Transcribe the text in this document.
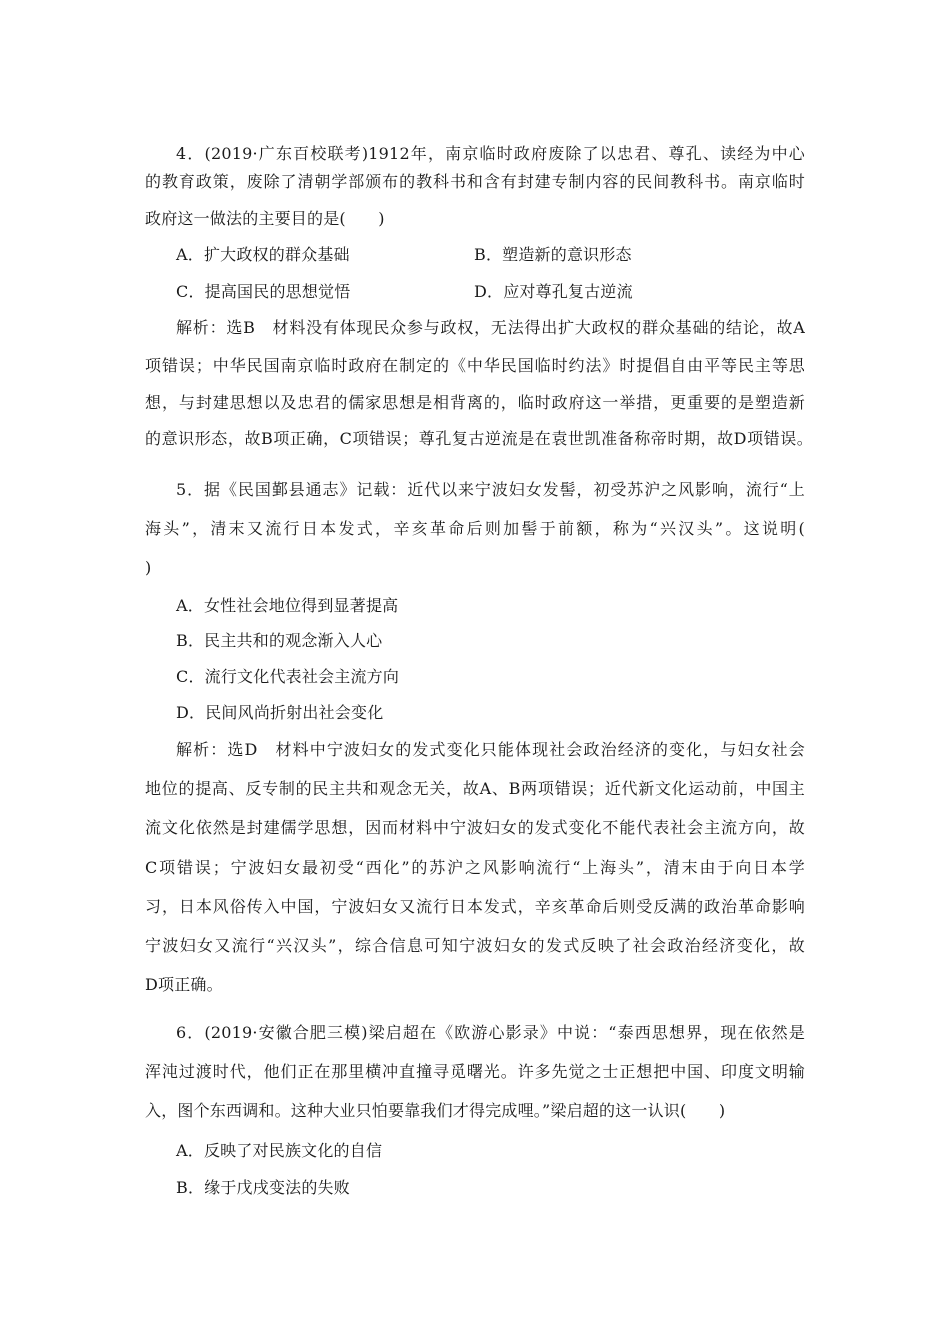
4．(2019·广东百校联考)1912年，南京临时政府废除了以忠君、尊孔、读经为中心
的教育政策，废除了清朝学部颁布的教科书和含有封建专制内容的民间教科书。南京临时
政府这一做法的主要目的是(　　)
A．扩大政权的群众基础	B．塑造新的意识形态
C．提高国民的思想觉悟	D．应对尊孔复古逆流
解析：选B　材料没有体现民众参与政权，无法得出扩大政权的群众基础的结论，故A
项错误；中华民国南京临时政府在制定的《中华民国临时约法》时提倡自由平等民主等思
想，与封建思想以及忠君的儒家思想是相背离的，临时政府这一举措，更重要的是塑造新
的意识形态，故B项正确，C项错误；尊孔复古逆流是在袁世凯准备称帝时期，故D项错误。
5．据《民国鄞县通志》记载：近代以来宁波妇女发髻，初受苏沪之风影响，流行“上
海头”，清末又流行日本发式，辛亥革命后则加髻于前额，称为“兴汉头”。这说明(
)
A．女性社会地位得到显著提高
B．民主共和的观念渐入人心
C．流行文化代表社会主流方向
D．民间风尚折射出社会变化
解析：选D　材料中宁波妇女的发式变化只能体现社会政治经济的变化，与妇女社会
地位的提高、反专制的民主共和观念无关，故A、B两项错误；近代新文化运动前，中国主
流文化依然是封建儒学思想，因而材料中宁波妇女的发式变化不能代表社会主流方向，故
C项错误；宁波妇女最初受“西化”的苏沪之风影响流行“上海头”，清末由于向日本学
习，日本风俗传入中国，宁波妇女又流行日本发式，辛亥革命后则受反满的政治革命影响
宁波妇女又流行“兴汉头”，综合信息可知宁波妇女的发式反映了社会政治经济变化，故
D项正确。
6．(2019·安徽合肥三模)梁启超在《欧游心影录》中说：“泰西思想界，现在依然是
浑沌过渡时代，他们正在那里横冲直撞寻觅曙光。许多先觉之士正想把中国、印度文明输
入，图个东西调和。这种大业只怕要靠我们才得完成哩。”梁启超的这一认识(　　)
A．反映了对民族文化的自信
B．缘于戊戌变法的失败
